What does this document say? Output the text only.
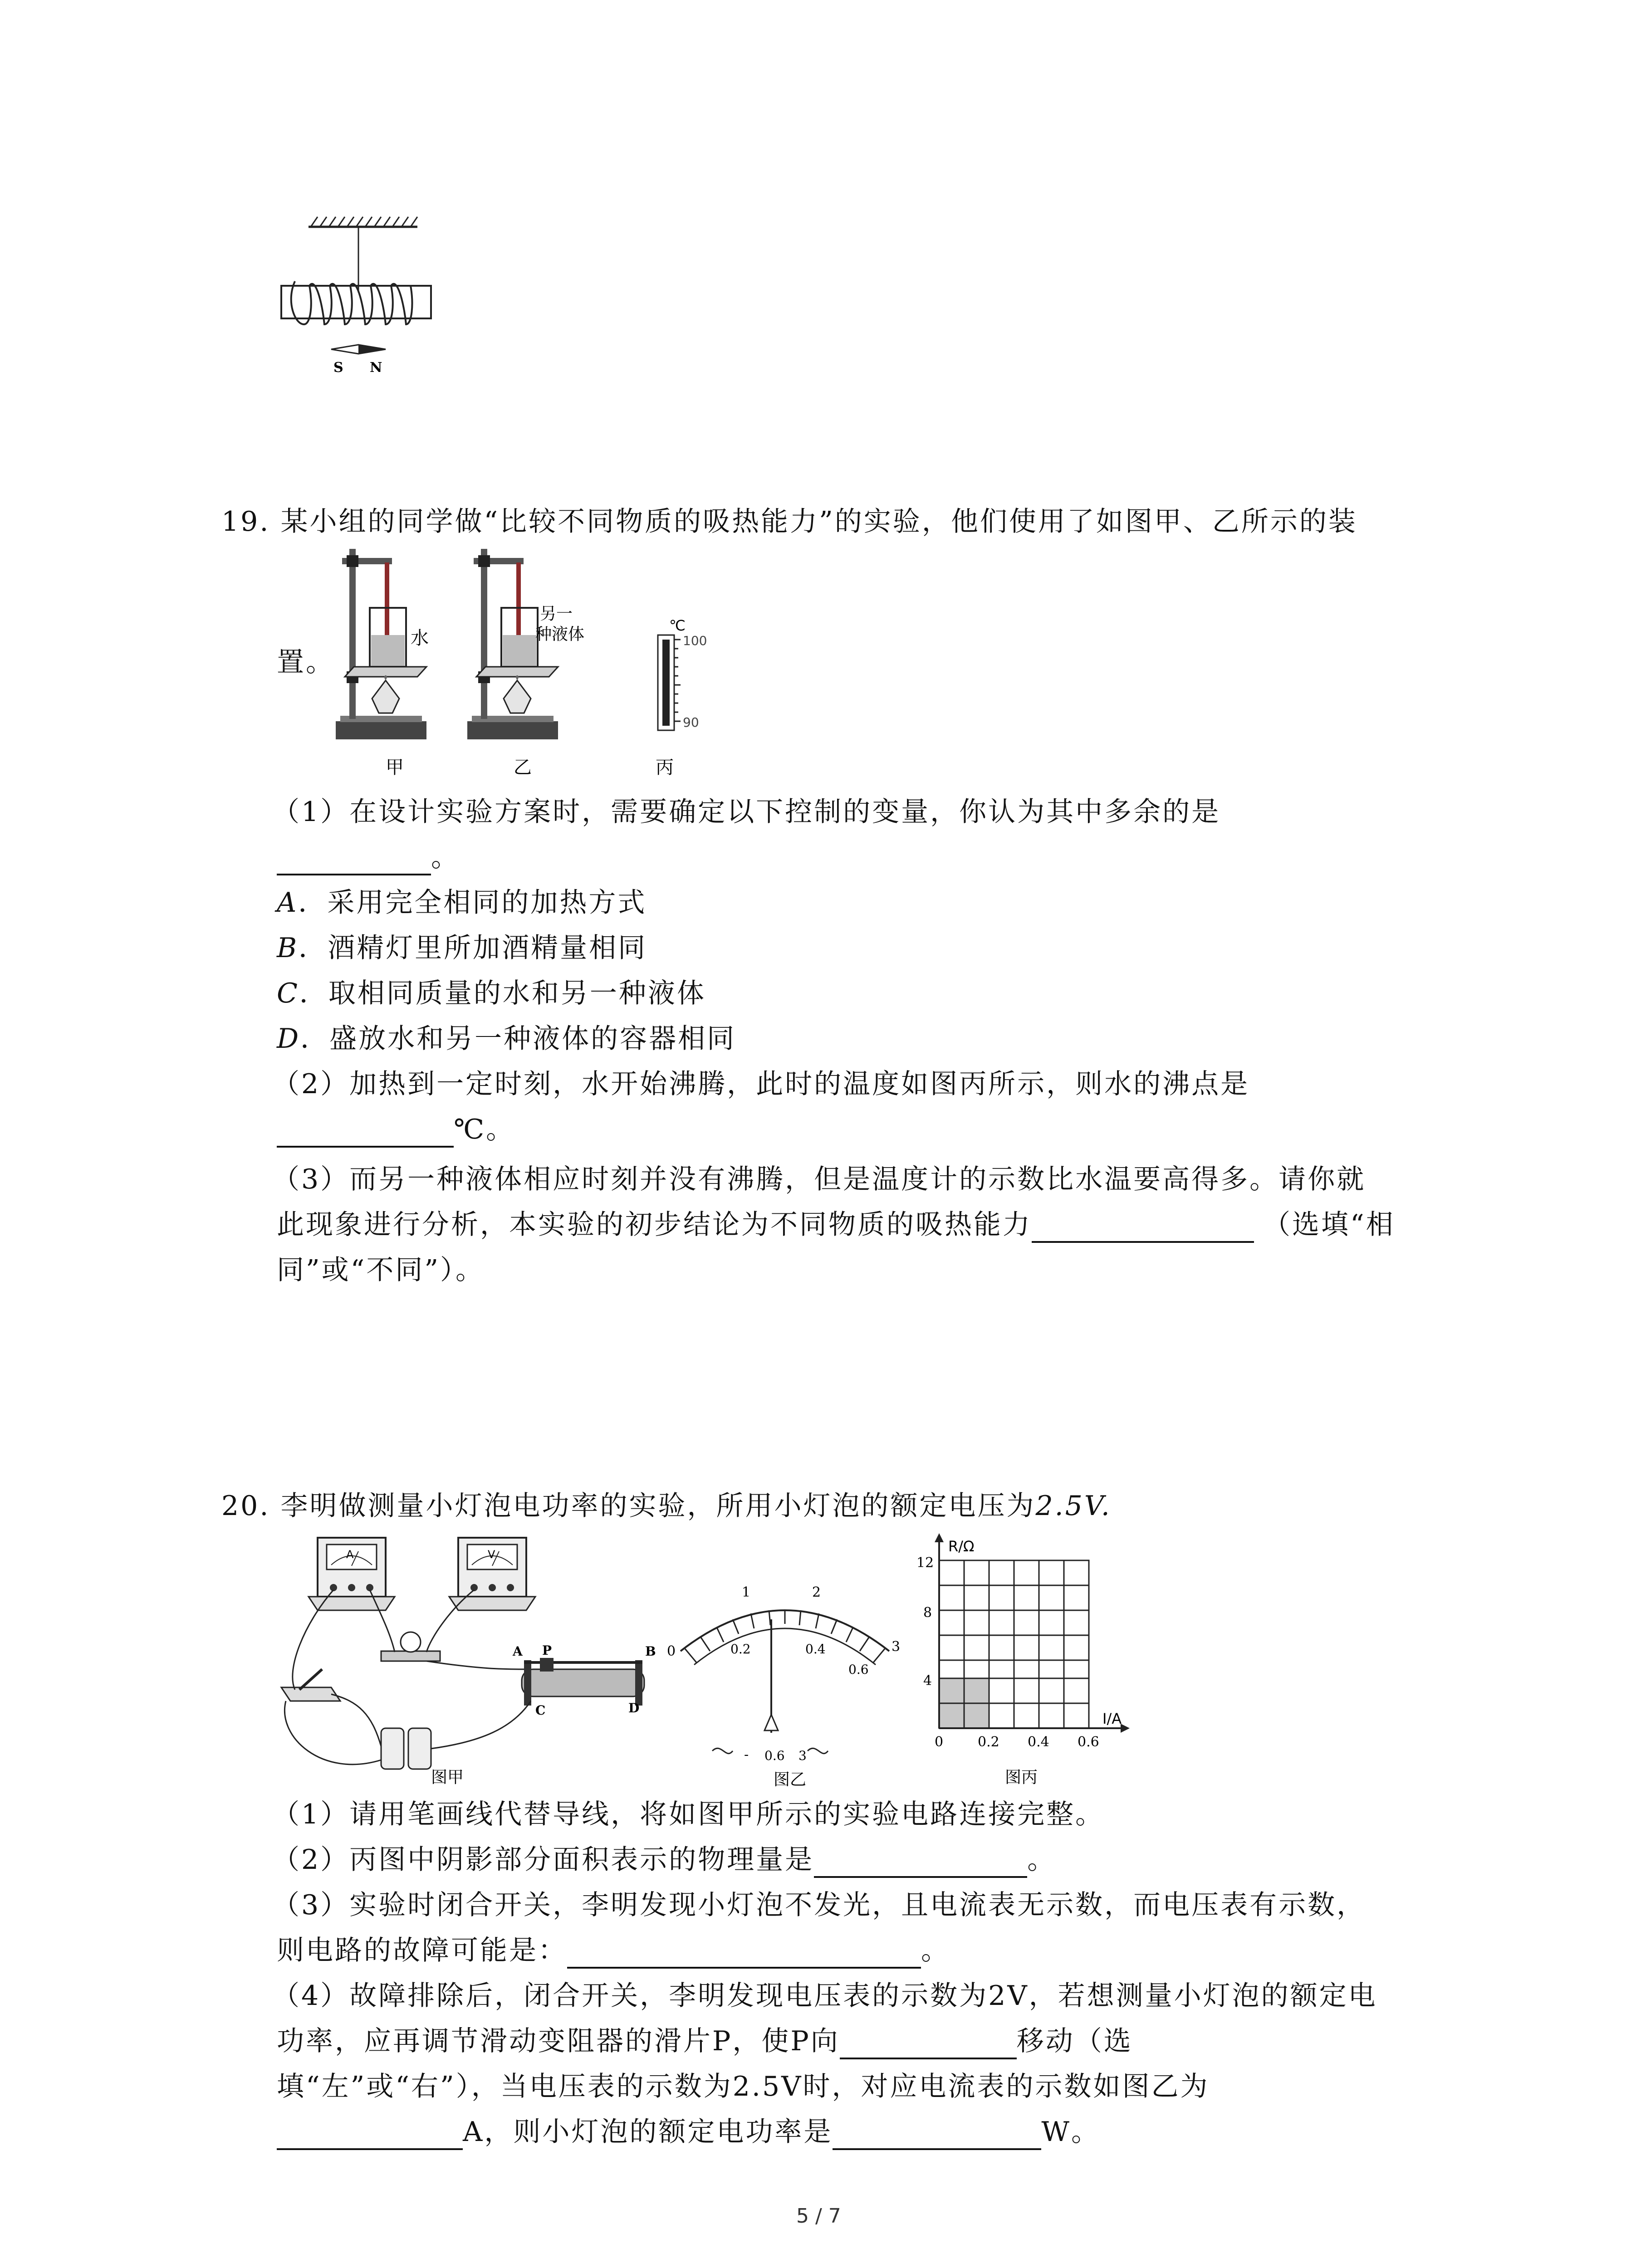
S N
19. 某小组的同学做“比较不同物质的吸热能力”的实验，他们使用了如图甲、乙所示的装
置。
水
另一
种液体	℃
100
90
甲	乙	丙
（1）在设计实验方案时，需要确定以下控制的变量，你认为其中多余的是
。
A．采用完全相同的加热方式
B．酒精灯里所加酒精量相同
C．取相同质量的水和另一种液体
D．盛放水和另一种液体的容器相同
（2）加热到一定时刻，水开始沸腾，此时的温度如图丙所示，则水的沸点是
℃。
（3）而另一种液体相应时刻并没有沸腾，但是温度计的示数比水温要高得多。请你就
此现象进行分析，本实验的初步结论为不同物质的吸热能力	（选填“相
同”或“不同”）。
20. 李明做测量小灯泡电功率的实验，所用小灯泡的额定电压为2.5V.
A	V
A P	B
C	D
图甲
0
1	2
3
0.2	0.4
0.6
- 0.6 3
图乙
R/Ω
I/A
12
8
4
0	0.2 0.4 0.6
图丙
（1）请用笔画线代替导线，将如图甲所示的实验电路连接完整。
（2）丙图中阴影部分面积表示的物理量是	。
（3）实验时闭合开关，李明发现小灯泡不发光，且电流表无示数，而电压表有示数，
则电路的故障可能是：	。
（4）故障排除后，闭合开关，李明发现电压表的示数为2V，若想测量小灯泡的额定电
功率，应再调节滑动变阻器的滑片P，使P向	移动（选
填“左”或“右”），当电压表的示数为2.5V时，对应电流表的示数如图乙为
A，则小灯泡的额定电功率是	W。
5 / 7
